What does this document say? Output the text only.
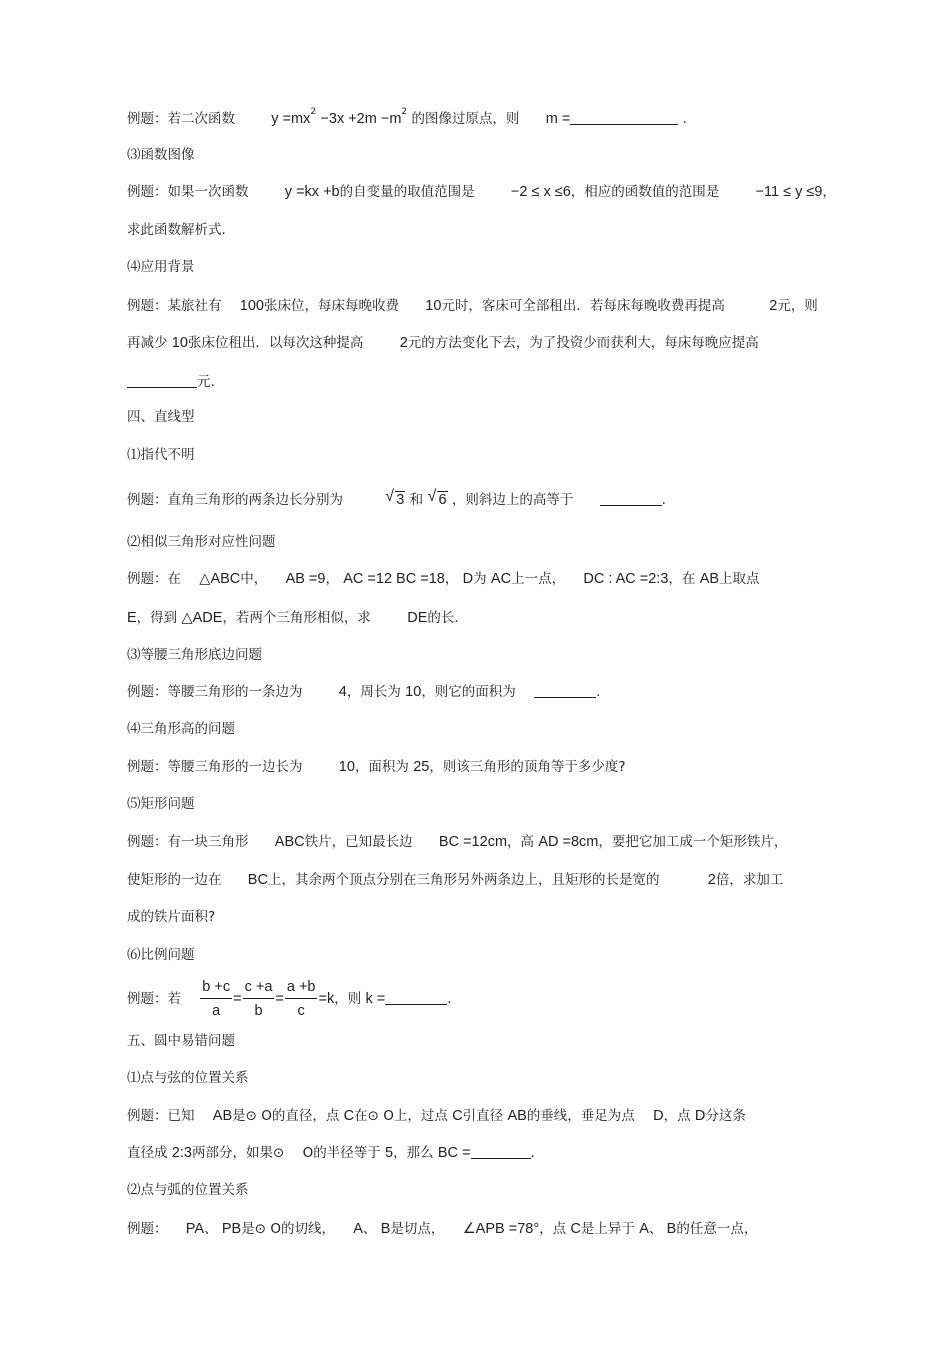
例题：若二次函数	$y =mx^2 -3x +2m -m^2$ 的图像过原点，则 m =	.
⑶函数图像
例题：如果一次函数	y =kx +b的自变量的取值范围是	−2 ≤ x ≤6，相应的函数值的范围是	−11 ≤ y ≤9，
求此函数解析式.
⑷应用背景
例题：某旅社有 100张床位，每床每晚收费 10元时，客床可全部租出．若每床每晚收费再提高	2元，则
再减少 10张床位租出．以每次这种提高	2元的方法变化下去，为了投资少而获利大，每床每晚应提高
元.
四、直线型
⑴指代不明
例题：直角三角形的两条边长分别为	√ 3 和 √ 6 ，则斜边上的高等于	.
⑵相似三角形对应性问题
例题：在 △ABC中， AB =9， AC =12 BC =18， D为 AC上一点， DC : AC =2:3，在 AB上取点
E，得到 △ADE，若两个三角形相似，求	DE的长.
⑶等腰三角形底边问题
例题：等腰三角形的一条边为	4，周长为 10，则它的面积为	.
⑷三角形高的问题
例题：等腰三角形的一边长为	10，面积为 25，则该三角形的顶角等于多少度?
⑸矩形问题
例题：有一块三角形 ABC铁片，已知最长边 BC =12cm，高 AD =8cm，要把它加工成一个矩形铁片，
使矩形的一边在 BC上，其余两个顶点分别在三角形另外两条边上，且矩形的长是宽的	2倍，求加工
成的铁片面积?
⑹比例问题
例题：若 $\frac{b +c}{a} = \frac{c +a}{b} = \frac{a +b}{c} =k$，则 k =	.
五、圆中易错问题
⑴点与弦的位置关系
例题：已知 AB是⊙ O的直径，点 C在⊙ O上，过点 C引直径 AB的垂线，垂足为点 D，点 D分这条
直径成 2:3两部分，如果⊙ O的半径等于 5，那么 BC =	.
⑵点与弧的位置关系
例题： PA、 PB是⊙ O的切线， A、 B是切点， ∠APB =78°，点 C是上异于 A、 B的任意一点，
